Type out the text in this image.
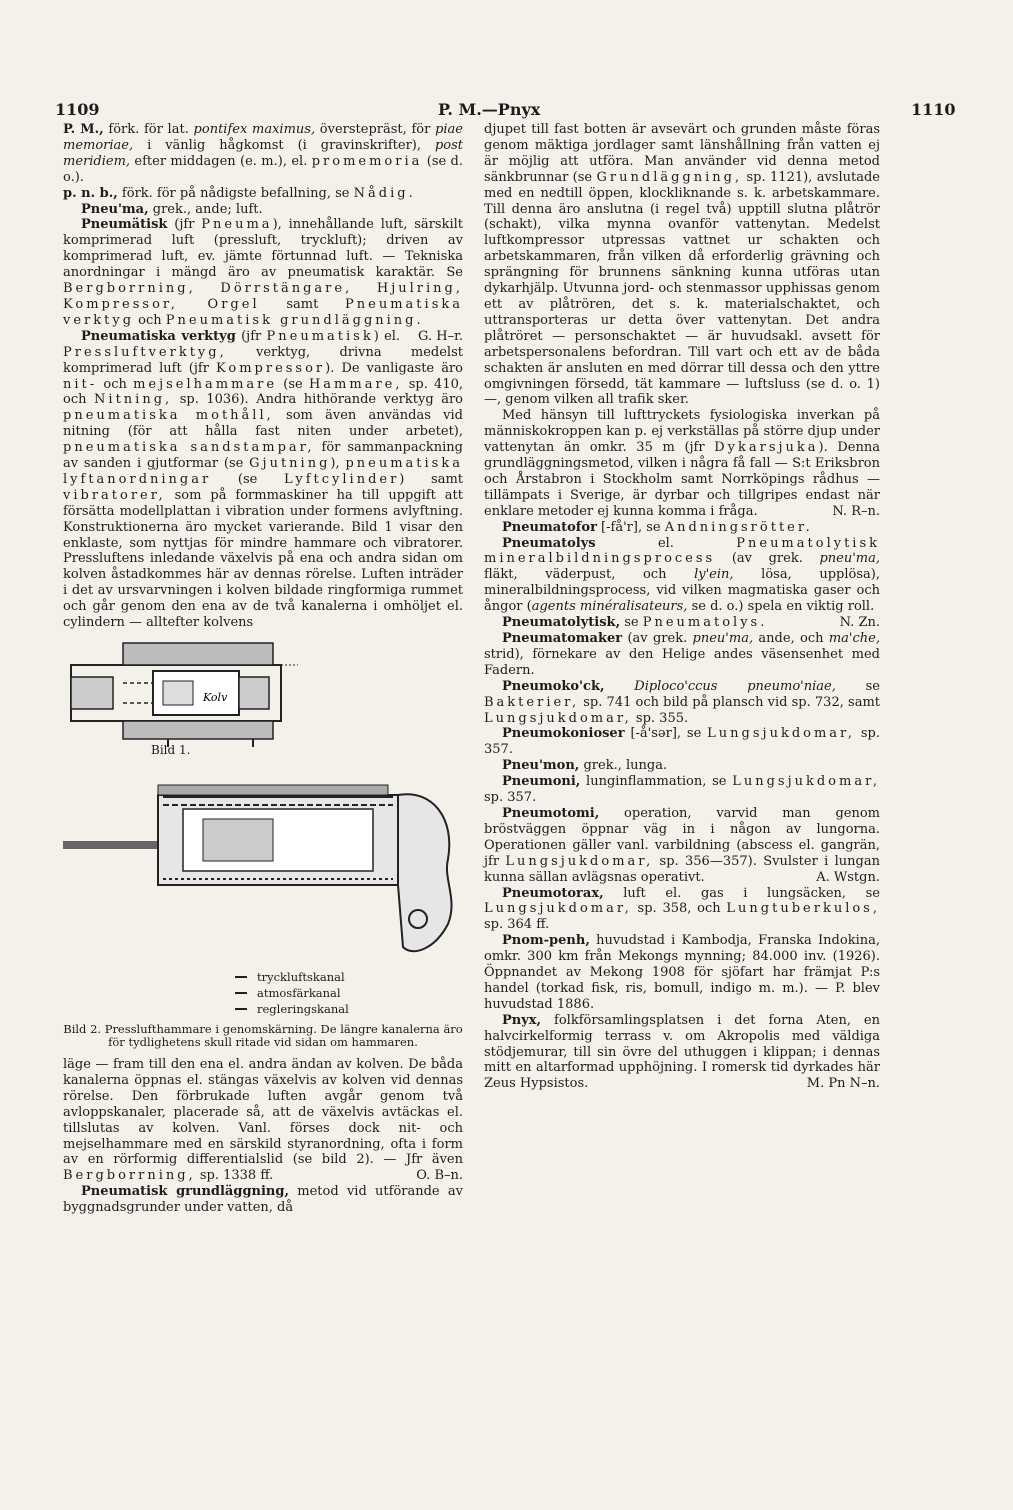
1109	P. M.—Pnyx	1110

P. M., förk. för lat. pontifex maximus, överstepräst, för piae memoriae, i vänlig hågkomst (i gravinskrifter), post meridiem, efter middagen (e. m.), el. promemoria (se d. o.).

p. n. b., förk. för på nådigste befallning, se Nådig.

Pneu'ma, grek., ande; luft.

Pneumätisk (jfr Pneuma), innehållande luft, särskilt komprimerad luft (pressluft, tryckluft); driven av komprimerad luft, ev. jämte förtunnad luft. — Tekniska anordningar i mängd äro av pneumatisk karaktär. Se Bergborrning, Dörrstängare, Hjulring, Kompressor, Orgel samt Pneumatiska verktyg och Pneumatisk grundläggning.
G. H–r.

Pneumatiska verktyg (jfr Pneumatisk) el. Pressluftverktyg, verktyg, drivna medelst komprimerad luft (jfr Kompressor). De vanligaste äro nit- och mejselhammare (se Hammare, sp. 410, och Nitning, sp. 1036). Andra hithörande verktyg äro pneumatiska mothåll, som även användas vid nitning (för att hålla fast niten under arbetet), pneumatiska sandstampar, för sammanpackning av sanden i gjutformar (se Gjutning), pneumatiska lyftanordningar (se Lyftcylinder) samt vibratorer, som på formmaskiner ha till uppgift att försätta modellplattan i vibration under formens avlyftning. Konstruktionerna äro mycket varierande. Bild 1 visar den enklaste, som nyttjas för mindre hammare och vibratorer. Pressluftens inledande växelvis på ena och andra sidan om kolven åstadkommes här av dennas rörelse. Luften inträder i det av ursvarvningen i kolven bildade ringformiga rummet och går genom den ena av de två kanalerna i omhöljet el. cylindern — alltefter kolvens

Kolv
Bild 1.
tryckluftskanal
atmosfärkanal
regleringskanal
Bild 2. Presslufthammare i genomskärning. De längre kanalerna äro för tydlighetens skull ritade vid sidan om hammaren.

läge — fram till den ena el. andra ändan av kolven. De båda kanalerna öppnas el. stängas växelvis av kolven vid dennas rörelse. Den förbrukade luften avgår genom två avloppskanaler, placerade så, att de växelvis avtäckas el. tillslutas av kolven. Vanl. förses dock nit- och mejselhammare med en särskild styranordning, ofta i form av en rörformig differentialslid (se bild 2). — Jfr även Bergborrning, sp. 1338 ff.	O. B–n.

Pneumatisk grundläggning, metod vid utförande av byggnadsgrunder under vatten, då

djupet till fast botten är avsevärt och grunden måste föras genom mäktiga jordlager samt länshållning från vatten ej är möjlig att utföra. Man använder vid denna metod sänkbrunnar (se Grundläggning, sp. 1121), avslutade med en nedtill öppen, klockliknande s. k. arbetskammare. Till denna äro anslutna (i regel två) upptill slutna plåtrör (schakt), vilka mynna ovanför vattenytan. Medelst luftkompressor utpressas vattnet ur schakten och arbetskammaren, från vilken då erforderlig grävning och sprängning för brunnens sänkning kunna utföras utan dykarhjälp. Utvunna jord- och stenmassor upphissas genom ett av plåtrören, det s. k. materialschaktet, och uttransporteras ur detta över vattenytan. Det andra plåtröret — personschaktet — är huvudsakl. avsett för arbetspersonalens befordran. Till vart och ett av de båda schakten är ansluten en med dörrar till dessa och den yttre omgivningen försedd, tät kammare — luftsluss (se d. o. 1) —, genom vilken all trafik sker.

Med hänsyn till lufttryckets fysiologiska inverkan på människokroppen kan p. ej verkställas på större djup under vattenytan än omkr. 35 m (jfr Dykarsjuka). Denna grundläggningsmetod, vilken i några få fall — S:t Eriksbron och Årstabron i Stockholm samt Norrköpings rådhus — tillämpats i Sverige, är dyrbar och tillgripes endast när enklare metoder ej kunna komma i fråga.	N. R–n.

Pneumatofor [-få'r], se Andningsrötter.

Pneumatolys el. Pneumatolytisk mineralbildningsprocess (av grek. pneu'ma, fläkt, väderpust, och ly'ein, lösa, upplösa), mineralbildningsprocess, vid vilken magmatiska gaser och ångor (agents minéralisateurs, se d. o.) spela en viktig roll.
N. Zn.

Pneumatolytisk, se Pneumatolys.

Pneumatomaker (av grek. pneu'ma, ande, och ma'che, strid), förnekare av den Helige andes väsensenhet med Fadern.

Pneumoko'ck, Diploco'ccus pneumo'niae, se Bakterier, sp. 741 och bild på plansch vid sp. 732, samt Lungsjukdomar, sp. 355.

Pneumokonioser [-å'sər], se Lungsjukdomar, sp. 357.

Pneu'mon, grek., lunga.

Pneumoni, lunginflammation, se Lungsjukdomar, sp. 357.

Pneumotomi, operation, varvid man genom bröstväggen öppnar väg in i någon av lungorna. Operationen gäller vanl. varbildning (abscess el. gangrän, jfr Lungsjukdomar, sp. 356—357). Svulster i lungan kunna sällan avlägsnas operativt.	A. Wstgn.

Pneumotorax, luft el. gas i lungsäcken, se Lungsjukdomar, sp. 358, och Lungtuberkulos, sp. 364 ff.

Pnom-penh, huvudstad i Kambodja, Franska Indokina, omkr. 300 km från Mekongs mynning; 84.000 inv. (1926). Öppnandet av Mekong 1908 för sjöfart har främjat P:s handel (torkad fisk, ris, bomull, indigo m. m.). — P. blev huvudstad 1886.

Pnyx, folkförsamlingsplatsen i det forna Aten, en halvcirkelformig terrass v. om Akropolis med väldiga stödjemurar, till sin övre del uthuggen i klippan; i dennas mitt en altarformad upphöjning. I romersk tid dyrkades här Zeus Hypsistos.	M. Pn N–n.
